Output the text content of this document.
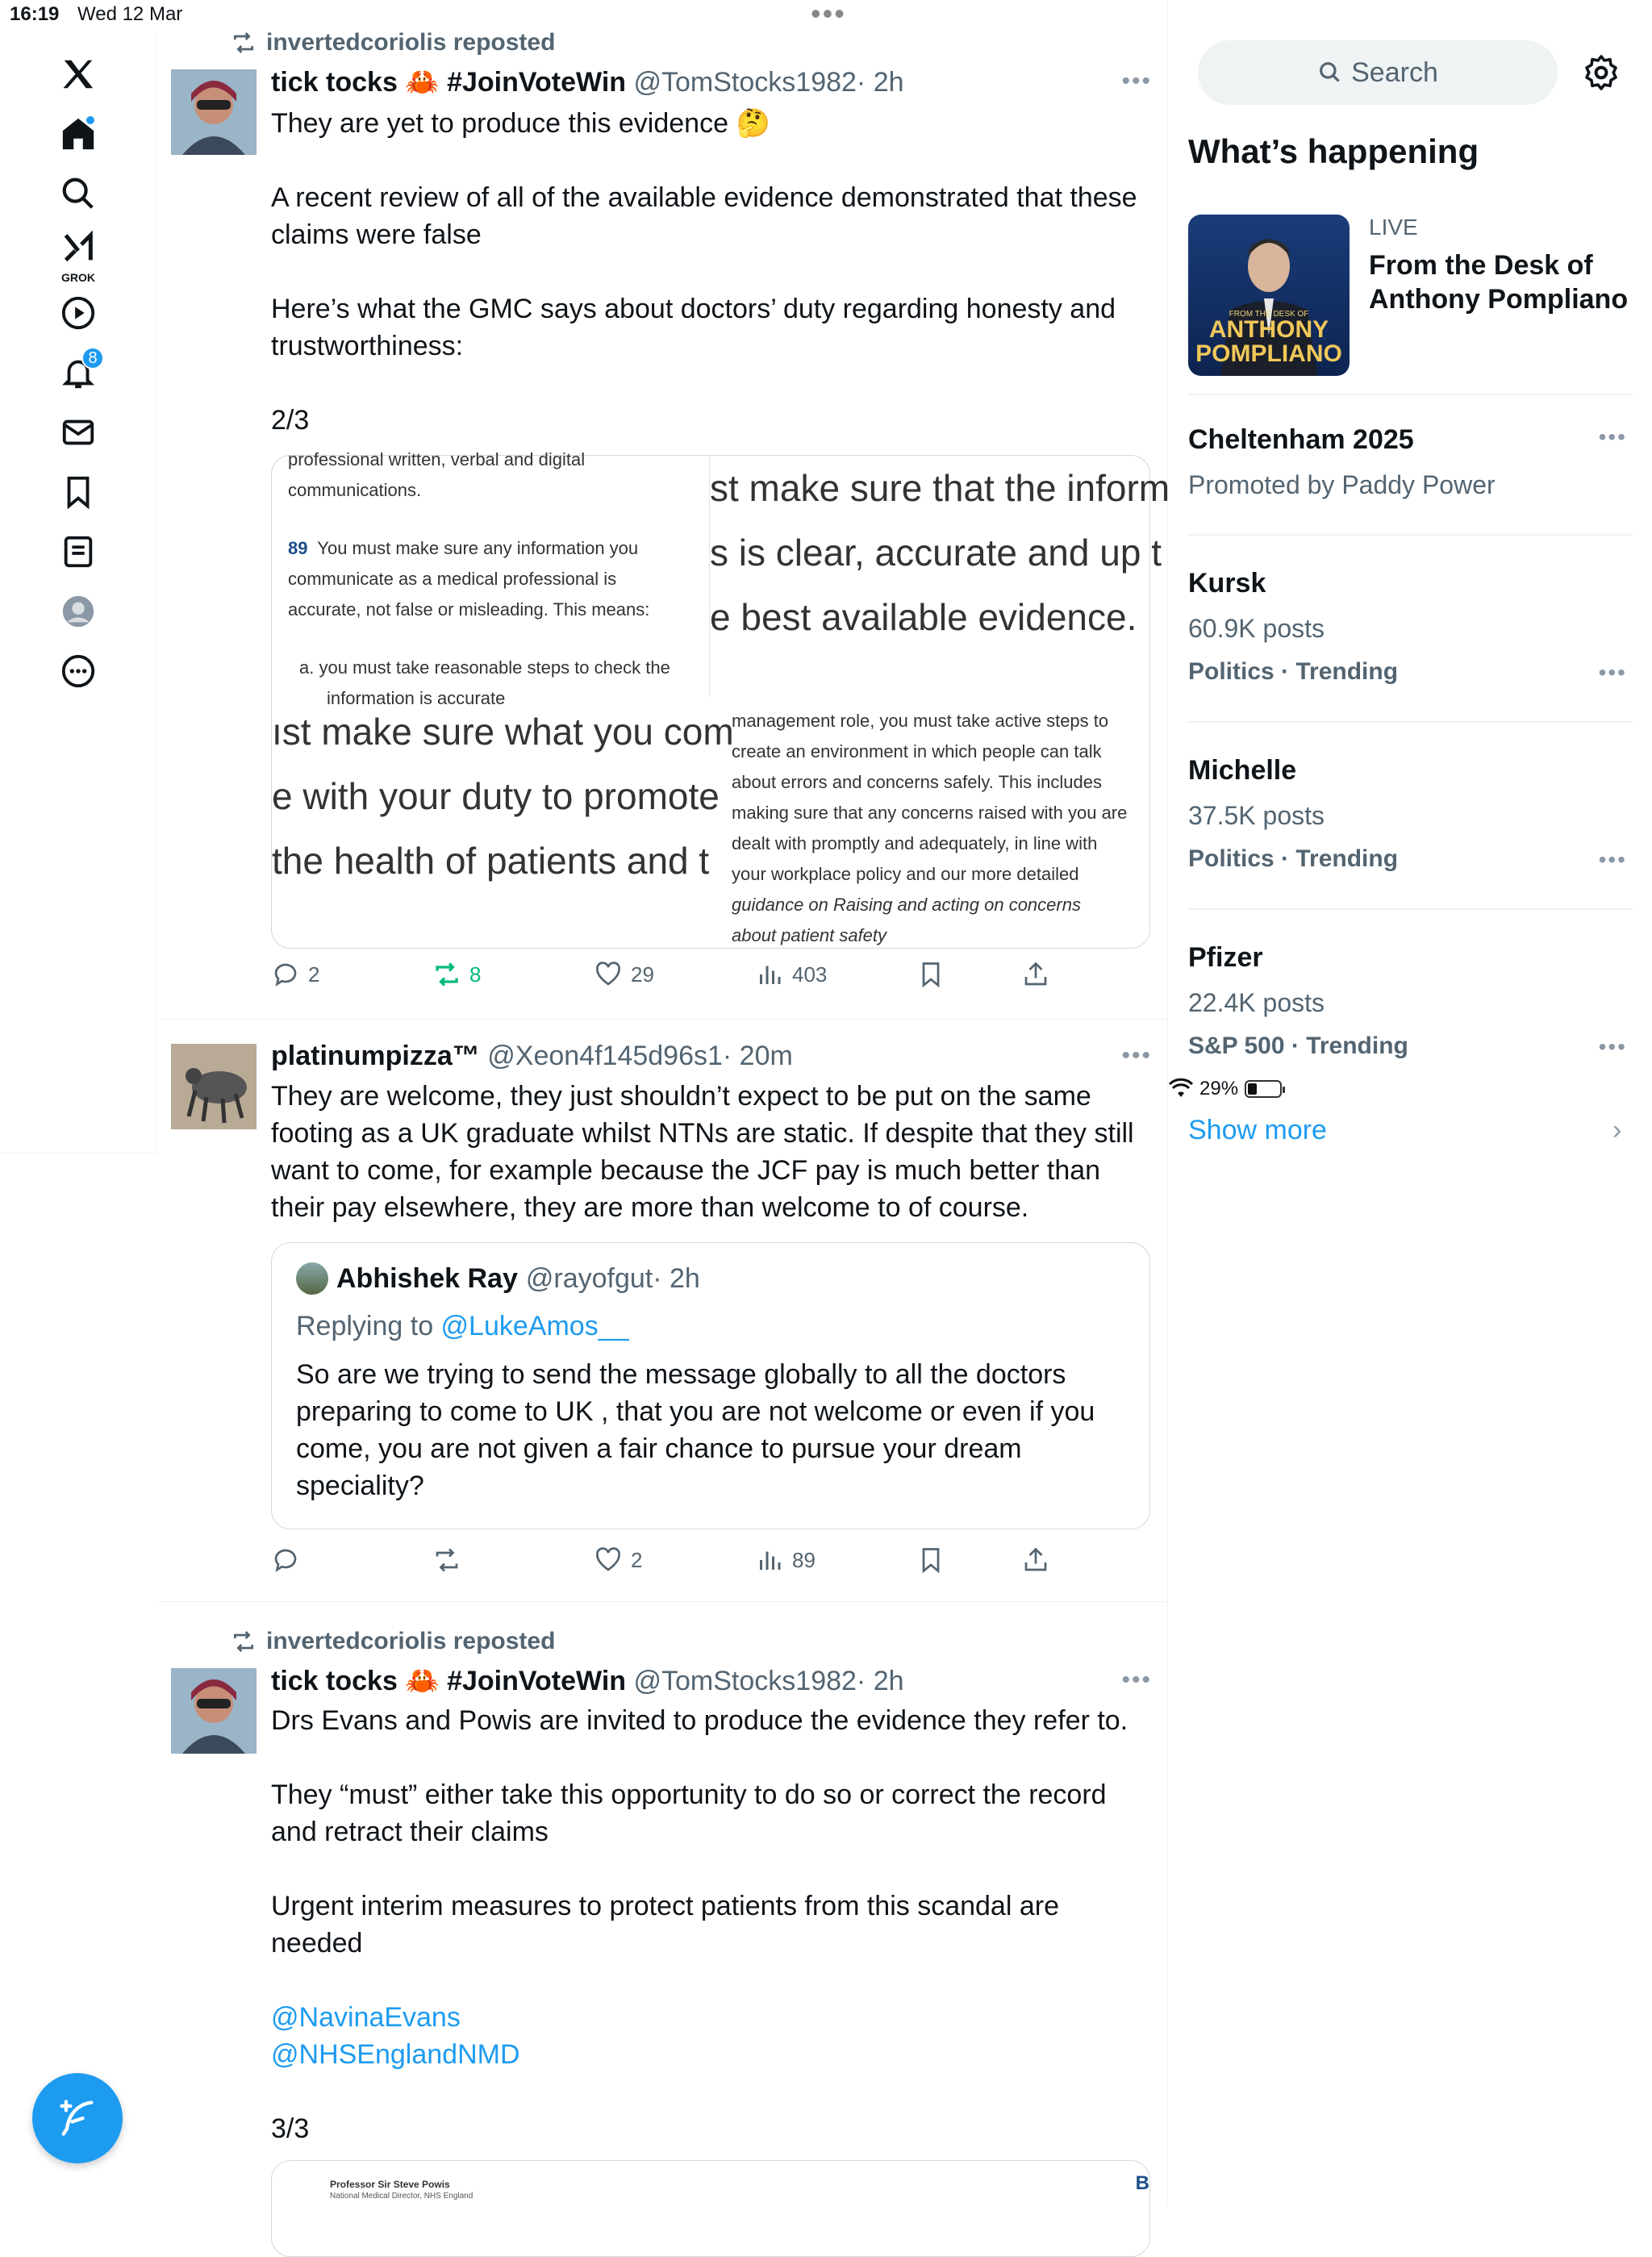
16:19 Wed 12 Mar	•••
29%
GROK
8
invertedcoriolis reposted
tick tocks 🦀 #JoinVoteWin @TomStocks1982· 2h	•••

They are yet to produce this evidence 🤔

A recent review of all of the available evidence demonstrated that these claims were false

Here’s what the GMC says about doctors’ duty regarding honesty and trustworthiness:

2/3

professional written, verbal and digital
communications.
89  You must make sure any information you
communicate as a medical professional is
accurate, not false or misleading. This means:
a. you must take reasonable steps to check the
information is accurate
st make sure that the inform
s is clear, accurate and up t
e best available evidence.
ıst make sure what you com
e with your duty to promote
the health of patients and t
management role, you must take active steps to
create an environment in which people can talk
about errors and concerns safely. This includes
making sure that any concerns raised with you are
dealt with promptly and adequately, in line with
your workplace policy and our more detailed
guidance on Raising and acting on concerns
about patient safety
2	8	29	403
platinumpizza™ @Xeon4f145d96s1· 20m	•••

They are welcome, they just shouldn’t expect to be put on the same footing as a UK graduate whilst NTNs are static. If despite that they still want to come, for example because the JCF pay is much better than their pay elsewhere, they are more than welcome to of course.

Abhishek Ray @rayofgut· 2h
Replying to @LukeAmos__
So are we trying to send the message globally to all the doctors preparing to come to UK , that you are not welcome or even if you come, you are not given a fair chance to pursue your dream speciality?
2	89
invertedcoriolis reposted
tick tocks 🦀 #JoinVoteWin @TomStocks1982· 2h	•••

Drs Evans and Powis are invited to produce the evidence they refer to.

They “must” either take this opportunity to do so or correct the record and retract their claims

Urgent interim measures to protect patients from this scandal are needed

@NavinaEvans

@NHSEnglandNMD

3/3

Professor Sir Steve Powis
National Medical Director, NHS England
B
Search
What’s happening
FROM THE DESK OF
ANTHONY
POMPLIANO
LIVE
From the Desk of Anthony Pompliano
Cheltenham 2025
Promoted by Paddy Power
•••
Kursk
60.9K posts
Politics · Trending	•••
Michelle
37.5K posts
Politics · Trending	•••
Pfizer
22.4K posts
S&P 500 · Trending	•••
Show more	›
